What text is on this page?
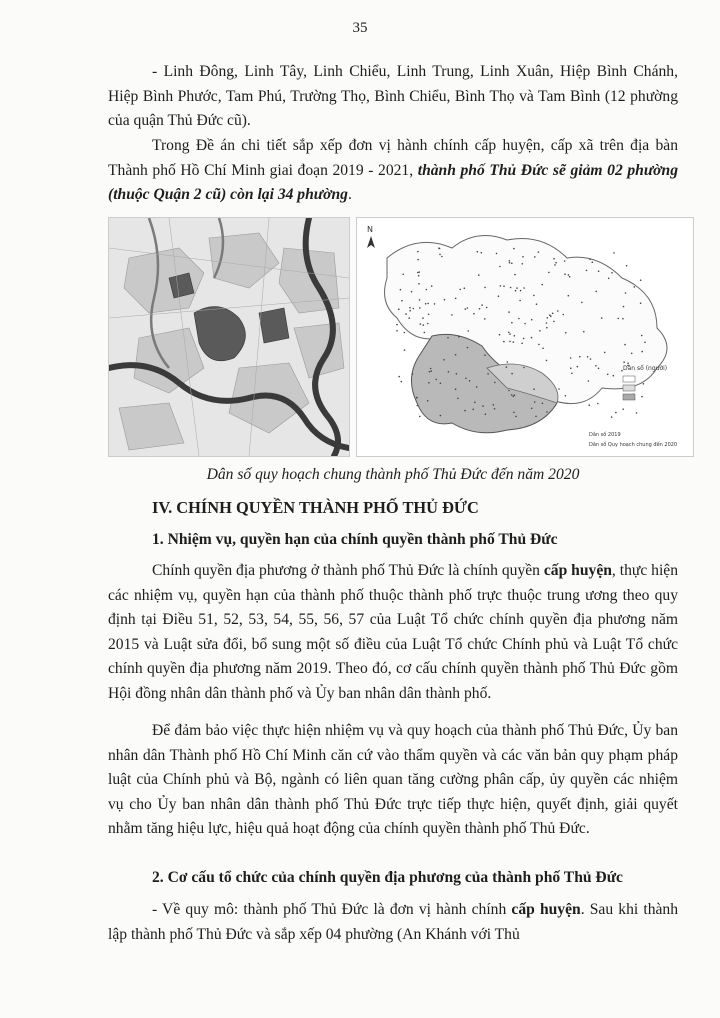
35
- Linh Đông, Linh Tây, Linh Chiểu, Linh Trung, Linh Xuân, Hiệp Bình Chánh, Hiệp Bình Phước, Tam Phú, Trường Thọ, Bình Chiểu, Bình Thọ và Tam Bình (12 phường của quận Thủ Đức cũ).
Trong Đề án chi tiết sắp xếp đơn vị hành chính cấp huyện, cấp xã trên địa bàn Thành phố Hồ Chí Minh giai đoạn 2019 - 2021, thành phố Thủ Đức sẽ giảm 02 phường (thuộc Quận 2 cũ) còn lại 34 phường.
N
Dân số (người)
Dân số 2019
Dân số Quy hoạch chung đến 2020
Dân số quy hoạch chung thành phố Thủ Đức đến năm 2020
IV. CHÍNH QUYỀN THÀNH PHỐ THỦ ĐỨC
1. Nhiệm vụ, quyền hạn của chính quyền thành phố Thủ Đức
Chính quyền địa phương ở thành phố Thủ Đức là chính quyền cấp huyện, thực hiện các nhiệm vụ, quyền hạn của thành phố thuộc thành phố trực thuộc trung ương theo quy định tại Điều 51, 52, 53, 54, 55, 56, 57 của Luật Tổ chức chính quyền địa phương năm 2015 và Luật sửa đổi, bổ sung một số điều của Luật Tổ chức Chính phủ và Luật Tổ chức chính quyền địa phương năm 2019. Theo đó, cơ cấu chính quyền thành phố Thủ Đức gồm Hội đồng nhân dân thành phố và Ủy ban nhân dân thành phố.
Để đảm bảo việc thực hiện nhiệm vụ và quy hoạch của thành phố Thủ Đức, Ủy ban nhân dân Thành phố Hồ Chí Minh căn cứ vào thẩm quyền và các văn bản quy phạm pháp luật của Chính phủ và Bộ, ngành có liên quan tăng cường phân cấp, ủy quyền các nhiệm vụ cho Ủy ban nhân dân thành phố Thủ Đức trực tiếp thực hiện, quyết định, giải quyết nhằm tăng hiệu lực, hiệu quả hoạt động của chính quyền thành phố Thủ Đức.
2. Cơ cấu tổ chức của chính quyền địa phương của thành phố Thủ Đức
- Về quy mô: thành phố Thủ Đức là đơn vị hành chính cấp huyện. Sau khi thành lập thành phố Thủ Đức và sắp xếp 04 phường (An Khánh với Thủ
